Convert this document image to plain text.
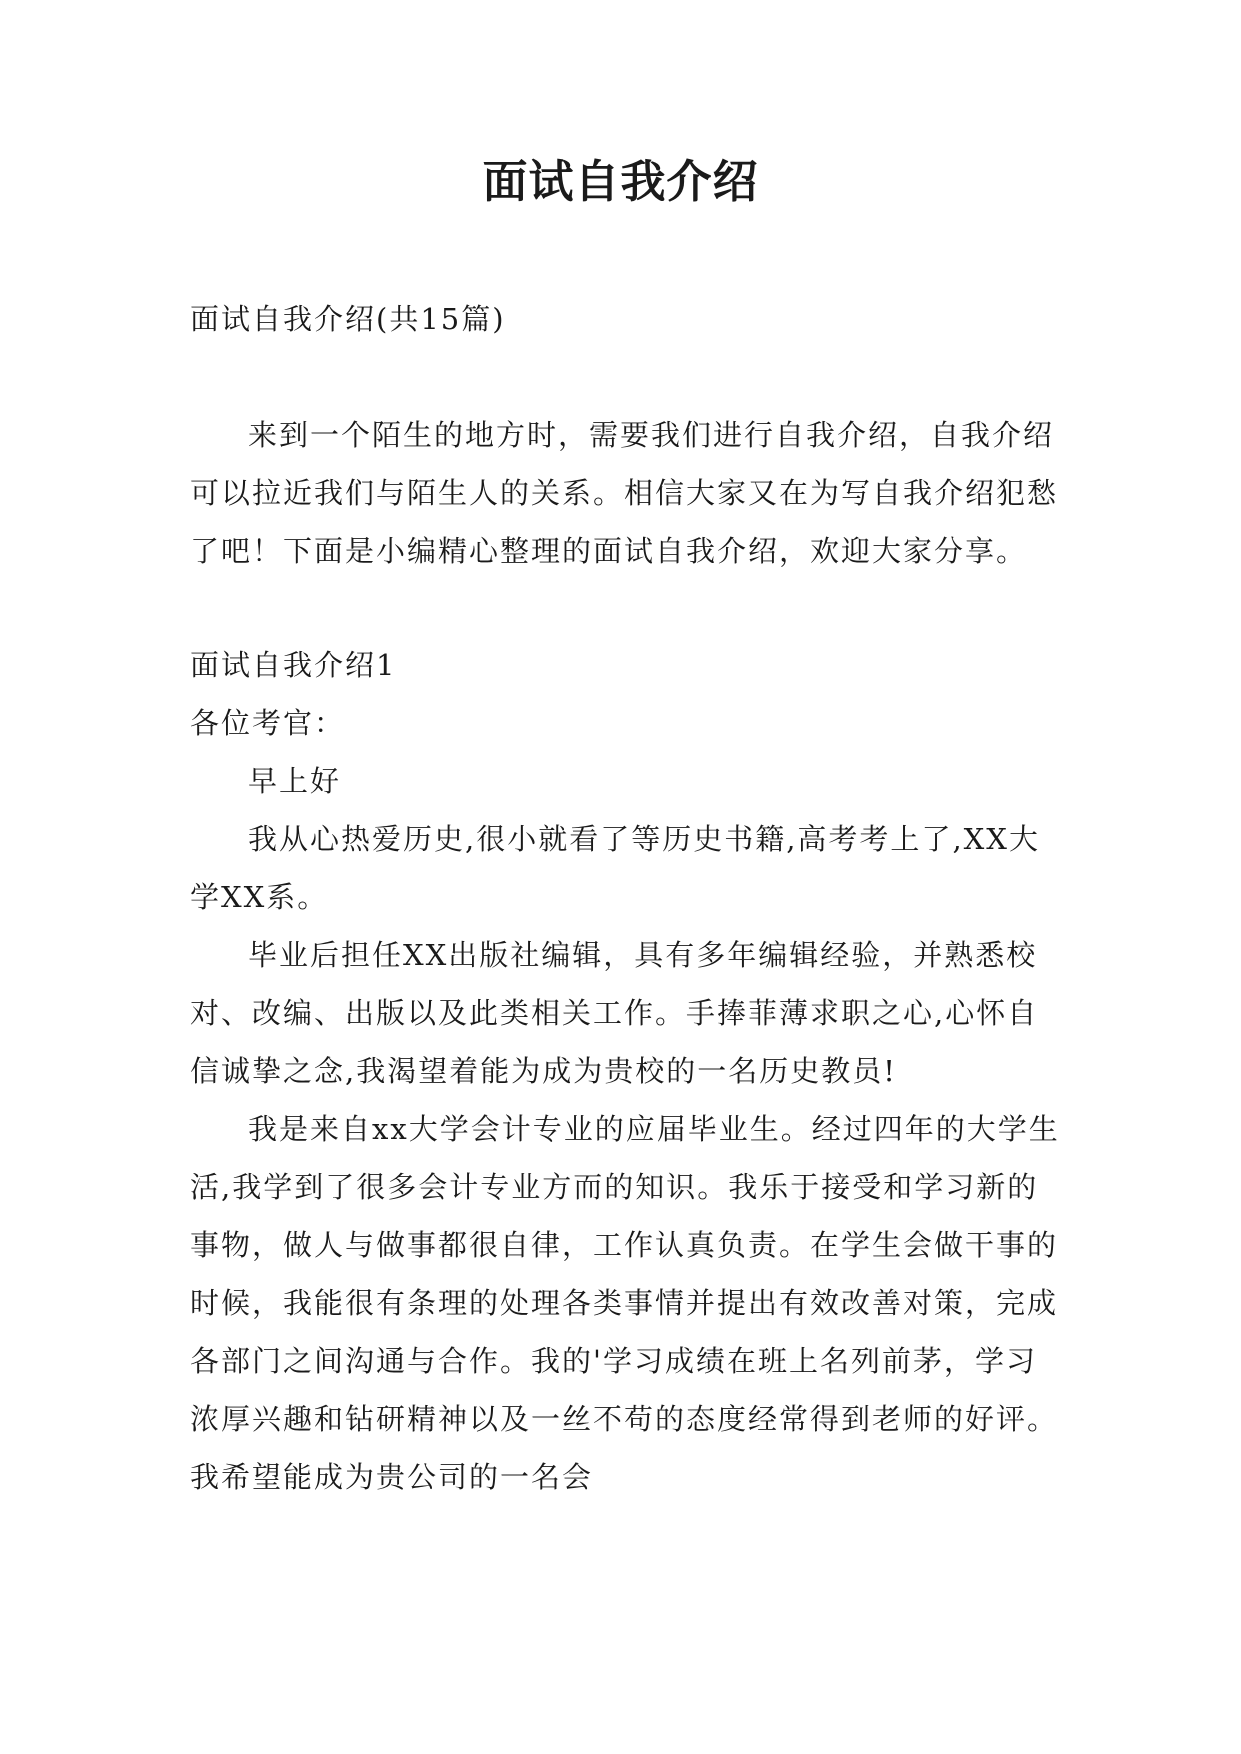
面试自我介绍

面试自我介绍(共15篇)

来到一个陌生的地方时，需要我们进行自我介绍，自我介绍可以拉近我们与陌生人的关系。相信大家又在为写自我介绍犯愁了吧！下面是小编精心整理的面试自我介绍，欢迎大家分享。

面试自我介绍1

各位考官：

早上好

我从心热爱历史,很小就看了等历史书籍,高考考上了,XX大学XX系。

毕业后担任XX出版社编辑，具有多年编辑经验，并熟悉校对、改编、出版以及此类相关工作。手捧菲薄求职之心,心怀自信诚挚之念,我渴望着能为成为贵校的一名历史教员!

我是来自xx大学会计专业的应届毕业生。经过四年的大学生活,我学到了很多会计专业方而的知识。我乐于接受和学习新的事物，做人与做事都很自律，工作认真负责。在学生会做干事的时候，我能很有条理的处理各类事情并提出有效改善对策，完成各部门之间沟通与合作。我的'学习成绩在班上名列前茅，学习浓厚兴趣和钻研精神以及一丝不苟的态度经常得到老师的好评。我希望能成为贵公司的一名会
